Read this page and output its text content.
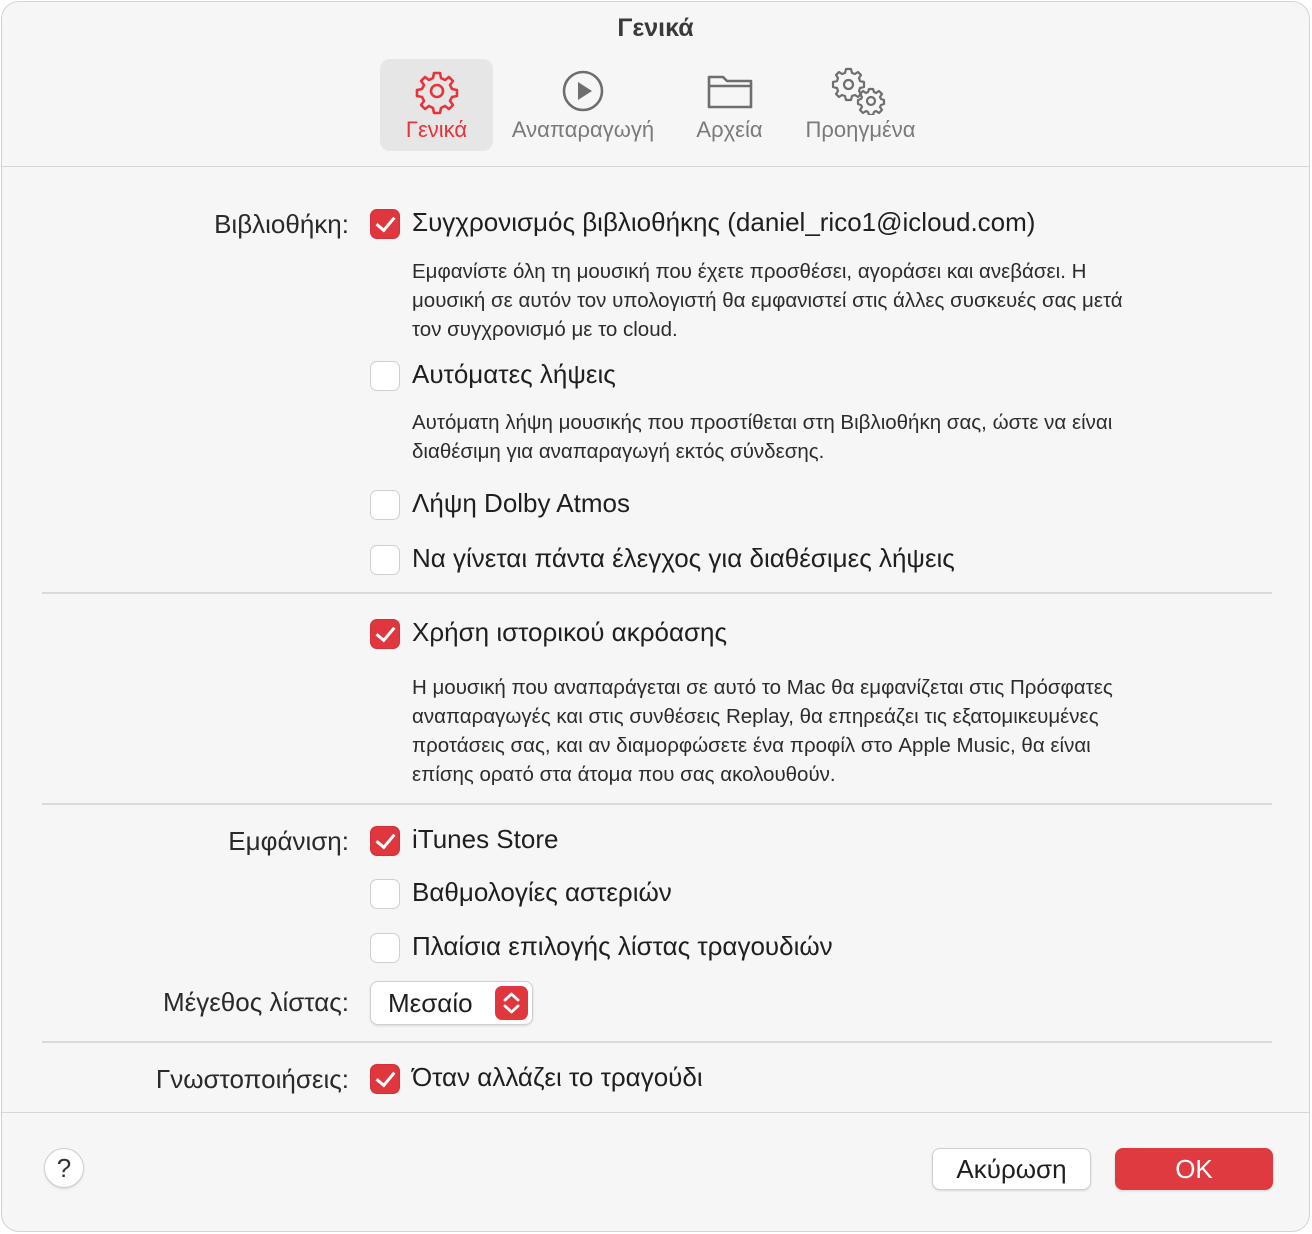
Γενικά
Γενικά	Αναπαραγωγή	Αρχεία	Προηγμένα
Βιβλιοθήκη: Συγχρονισμός βιβλιοθήκης (daniel_rico1@icloud.com)
Εμφανίστε όλη τη μουσική που έχετε προσθέσει, αγοράσει και ανεβάσει. Η
μουσική σε αυτόν τον υπολογιστή θα εμφανιστεί στις άλλες συσκευές σας μετά
τον συγχρονισμό με το cloud.
Αυτόματες λήψεις
Αυτόματη λήψη μουσικής που προστίθεται στη Βιβλιοθήκη σας, ώστε να είναι
διαθέσιμη για αναπαραγωγή εκτός σύνδεσης.
Λήψη Dolby Atmos
Να γίνεται πάντα έλεγχος για διαθέσιμες λήψεις
Χρήση ιστορικού ακρόασης
Η μουσική που αναπαράγεται σε αυτό το Mac θα εμφανίζεται στις Πρόσφατες
αναπαραγωγές και στις συνθέσεις Replay, θα επηρεάζει τις εξατομικευμένες
προτάσεις σας, και αν διαμορφώσετε ένα προφίλ στο Apple Music, θα είναι
επίσης ορατό στα άτομα που σας ακολουθούν.
Εμφάνιση: iTunes Store
Βαθμολογίες αστεριών
Πλαίσια επιλογής λίστας τραγουδιών
Μέγεθος λίστας: Μεσαίο
Γνωστοποιήσεις: Όταν αλλάζει το τραγούδι
?	Ακύρωση	OK
